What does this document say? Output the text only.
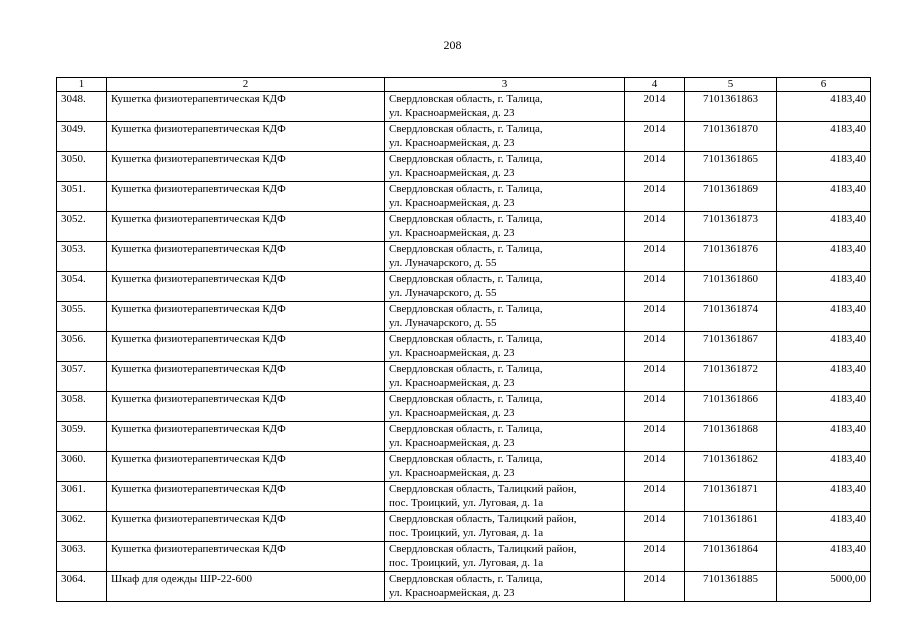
208
1	2	3	4	5	6
3048.	Кушетка физиотерапевтическая КДФ	Свердловская область, г. Талица,
ул. Красноармейская, д. 23	2014	7101361863	4183,40
3049.	Кушетка физиотерапевтическая КДФ	Свердловская область, г. Талица,
ул. Красноармейская, д. 23	2014	7101361870	4183,40
3050.	Кушетка физиотерапевтическая КДФ	Свердловская область, г. Талица,
ул. Красноармейская, д. 23	2014	7101361865	4183,40
3051.	Кушетка физиотерапевтическая КДФ	Свердловская область, г. Талица,
ул. Красноармейская, д. 23	2014	7101361869	4183,40
3052.	Кушетка физиотерапевтическая КДФ	Свердловская область, г. Талица,
ул. Красноармейская, д. 23	2014	7101361873	4183,40
3053.	Кушетка физиотерапевтическая КДФ	Свердловская область, г. Талица,
ул. Луначарского, д. 55	2014	7101361876	4183,40
3054.	Кушетка физиотерапевтическая КДФ	Свердловская область, г. Талица,
ул. Луначарского, д. 55	2014	7101361860	4183,40
3055.	Кушетка физиотерапевтическая КДФ	Свердловская область, г. Талица,
ул. Луначарского, д. 55	2014	7101361874	4183,40
3056.	Кушетка физиотерапевтическая КДФ	Свердловская область, г. Талица,
ул. Красноармейская, д. 23	2014	7101361867	4183,40
3057.	Кушетка физиотерапевтическая КДФ	Свердловская область, г. Талица,
ул. Красноармейская, д. 23	2014	7101361872	4183,40
3058.	Кушетка физиотерапевтическая КДФ	Свердловская область, г. Талица,
ул. Красноармейская, д. 23	2014	7101361866	4183,40
3059.	Кушетка физиотерапевтическая КДФ	Свердловская область, г. Талица,
ул. Красноармейская, д. 23	2014	7101361868	4183,40
3060.	Кушетка физиотерапевтическая КДФ	Свердловская область, г. Талица,
ул. Красноармейская, д. 23	2014	7101361862	4183,40
3061.	Кушетка физиотерапевтическая КДФ	Свердловская область, Талицкий район,
пос. Троицкий, ул. Луговая, д. 1а	2014	7101361871	4183,40
3062.	Кушетка физиотерапевтическая КДФ	Свердловская область, Талицкий район,
пос. Троицкий, ул. Луговая, д. 1а	2014	7101361861	4183,40
3063.	Кушетка физиотерапевтическая КДФ	Свердловская область, Талицкий район,
пос. Троицкий, ул. Луговая, д. 1а	2014	7101361864	4183,40
3064.	Шкаф для одежды ШР-22-600	Свердловская область, г. Талица,
ул. Красноармейская, д. 23	2014	7101361885	5000,00
